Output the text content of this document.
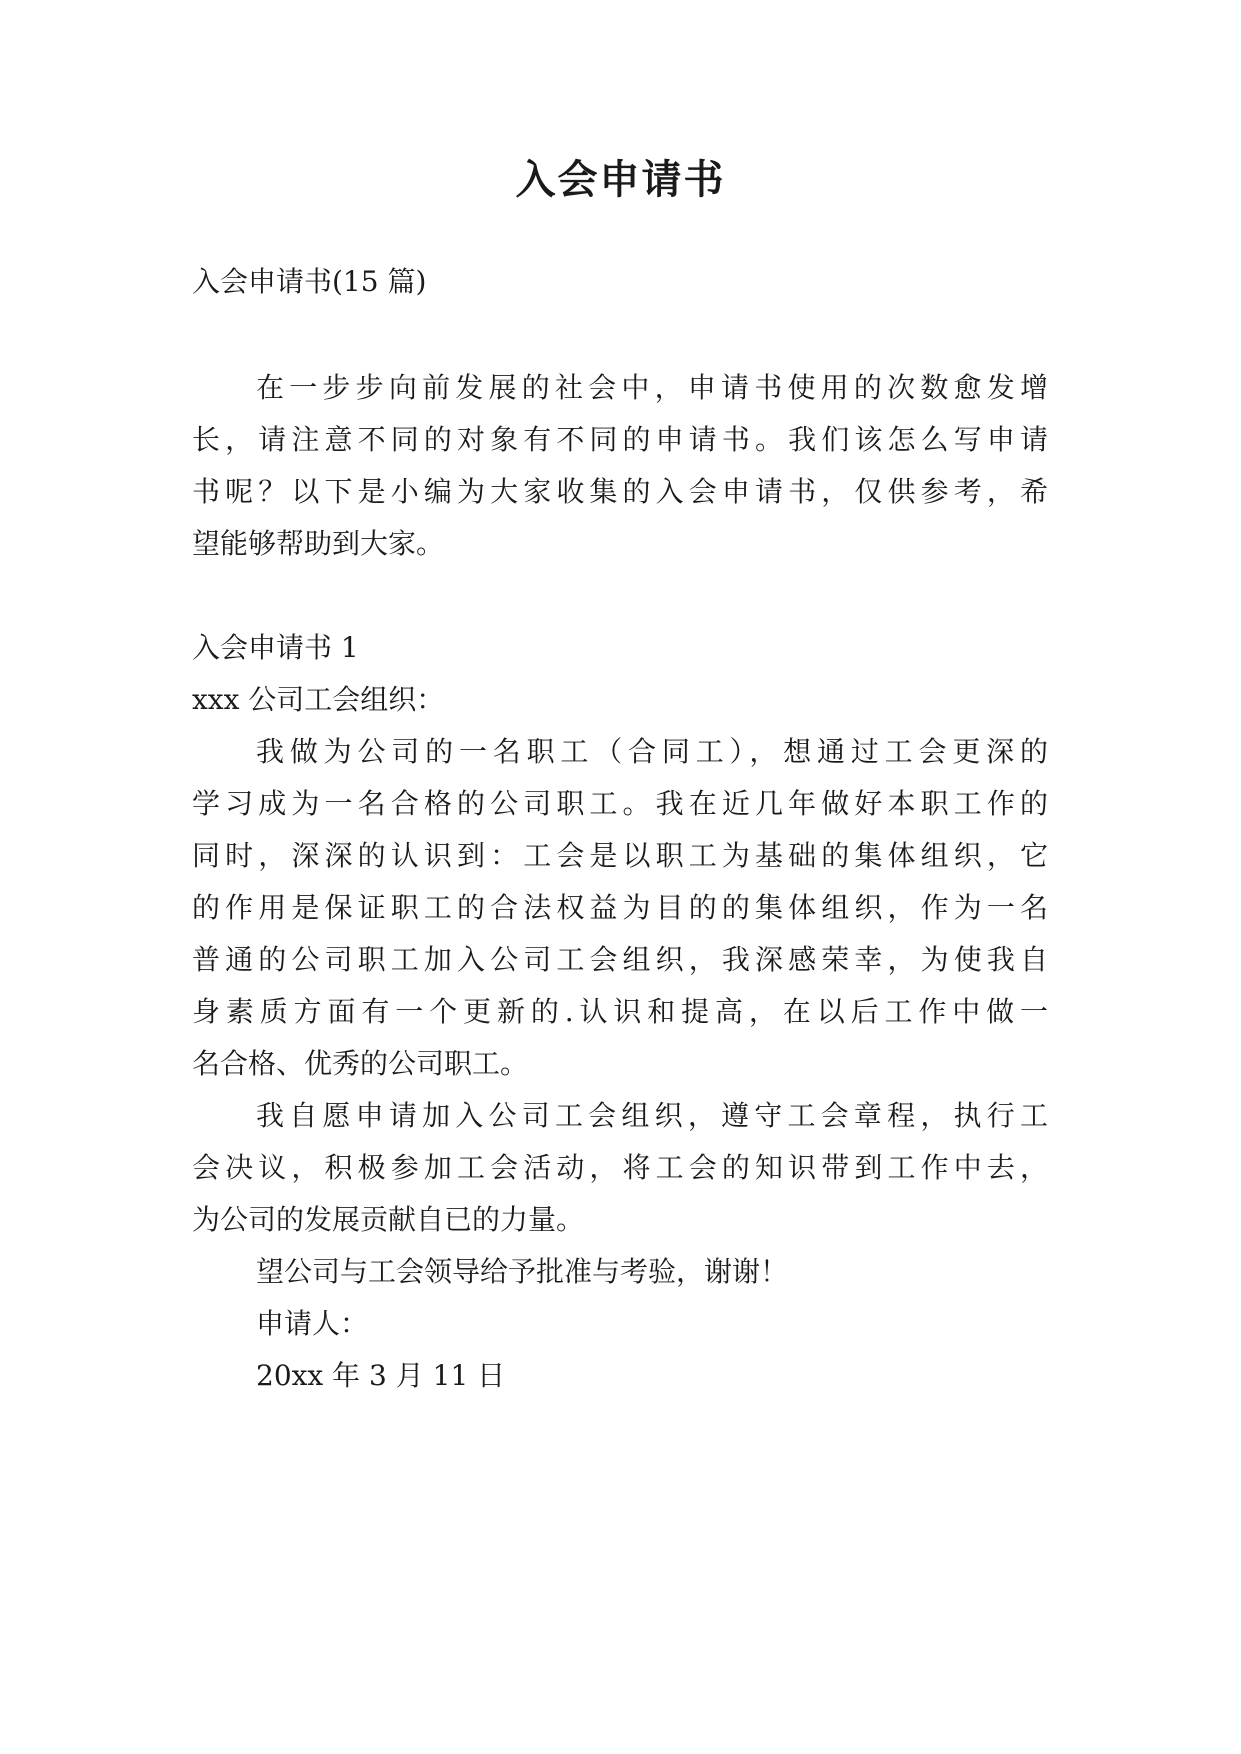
入会申请书

入会申请书(15 篇)

在一步步向前发展的社会中，申请书使用的次数愈发增

长，请注意不同的对象有不同的申请书。我们该怎么写申请

书呢？以下是小编为大家收集的入会申请书，仅供参考，希

望能够帮助到大家。

入会申请书 1

xxx 公司工会组织：

我做为公司的一名职工（合同工），想通过工会更深的

学习成为一名合格的公司职工。我在近几年做好本职工作的

同时，深深的认识到：工会是以职工为基础的集体组织，它

的作用是保证职工的合法权益为目的的集体组织，作为一名

普通的公司职工加入公司工会组织，我深感荣幸，为使我自

身素质方面有一个更新的.认识和提高，在以后工作中做一

名合格、优秀的公司职工。

我自愿申请加入公司工会组织，遵守工会章程，执行工

会决议，积极参加工会活动，将工会的知识带到工作中去，

为公司的发展贡献自已的力量。

望公司与工会领导给予批准与考验，谢谢！

申请人：

20xx 年 3 月 11 日
